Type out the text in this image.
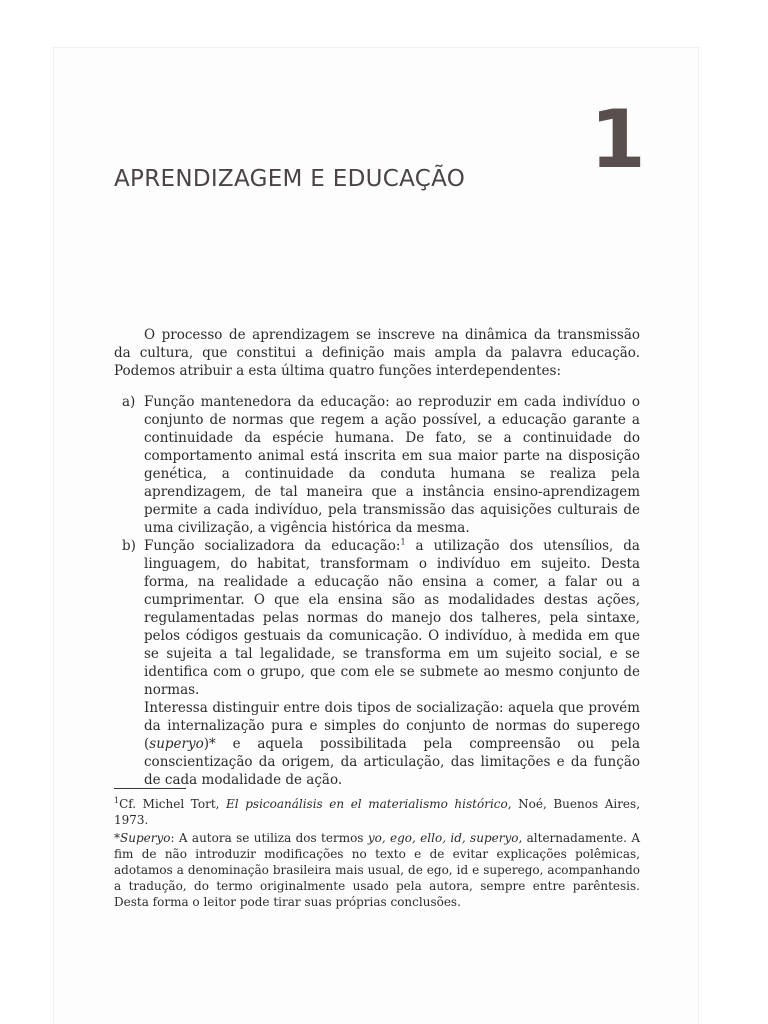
APRENDIZAGEM E EDUCAÇÃO 1

O processo de aprendizagem se inscreve na dinâmica da transmissão da cultura, que constitui a definição mais ampla da palavra educação. Podemos atribuir a esta última quatro funções interdependentes:

a) Função mantenedora da educação: ao reproduzir em cada indivíduo o conjunto de normas que regem a ação possível, a educação garante a continuidade da espécie humana. De fato, se a continuidade do comportamento animal está inscrita em sua maior parte na disposição genética, a continuidade da conduta humana se realiza pela aprendizagem, de tal maneira que a instância ensino-aprendizagem permite a cada indivíduo, pela transmissão das aquisições culturais de uma civilização, a vigência histórica da mesma.

b) Função socializadora da educação:$^1$ a utilização dos utensílios, da linguagem, do habitat, transformam o indivíduo em sujeito. Desta forma, na realidade a educação não ensina a comer, a falar ou a cumprimentar. O que ela ensina são as modalidades destas ações, regulamentadas pelas normas do manejo dos talheres, pela sintaxe, pelos códigos gestuais da comunicação. O indivíduo, à medida em que se sujeita a tal legalidade, se transforma em um sujeito social, e se identifica com o grupo, que com ele se submete ao mesmo conjunto de normas.

Interessa distinguir entre dois tipos de socialização: aquela que provém da internalização pura e simples do conjunto de normas do superego (superyo)* e aquela possibilitada pela compreensão ou pela conscientização da origem, da articulação, das limitações e da função de cada modalidade de ação.

$^1$Cf. Michel Tort, El psicoanálisis en el materialismo histórico, Noé, Buenos Aires, 1973.

*Superyo: A autora se utiliza dos termos yo, ego, ello, id, superyo, alternadamente. A fim de não introduzir modificações no texto e de evitar explicações polêmicas, adotamos a denominação brasileira mais usual, de ego, id e superego, acompanhando a tradução, do termo originalmente usado pela autora, sempre entre parêntesis. Desta forma o leitor pode tirar suas próprias conclusões.
